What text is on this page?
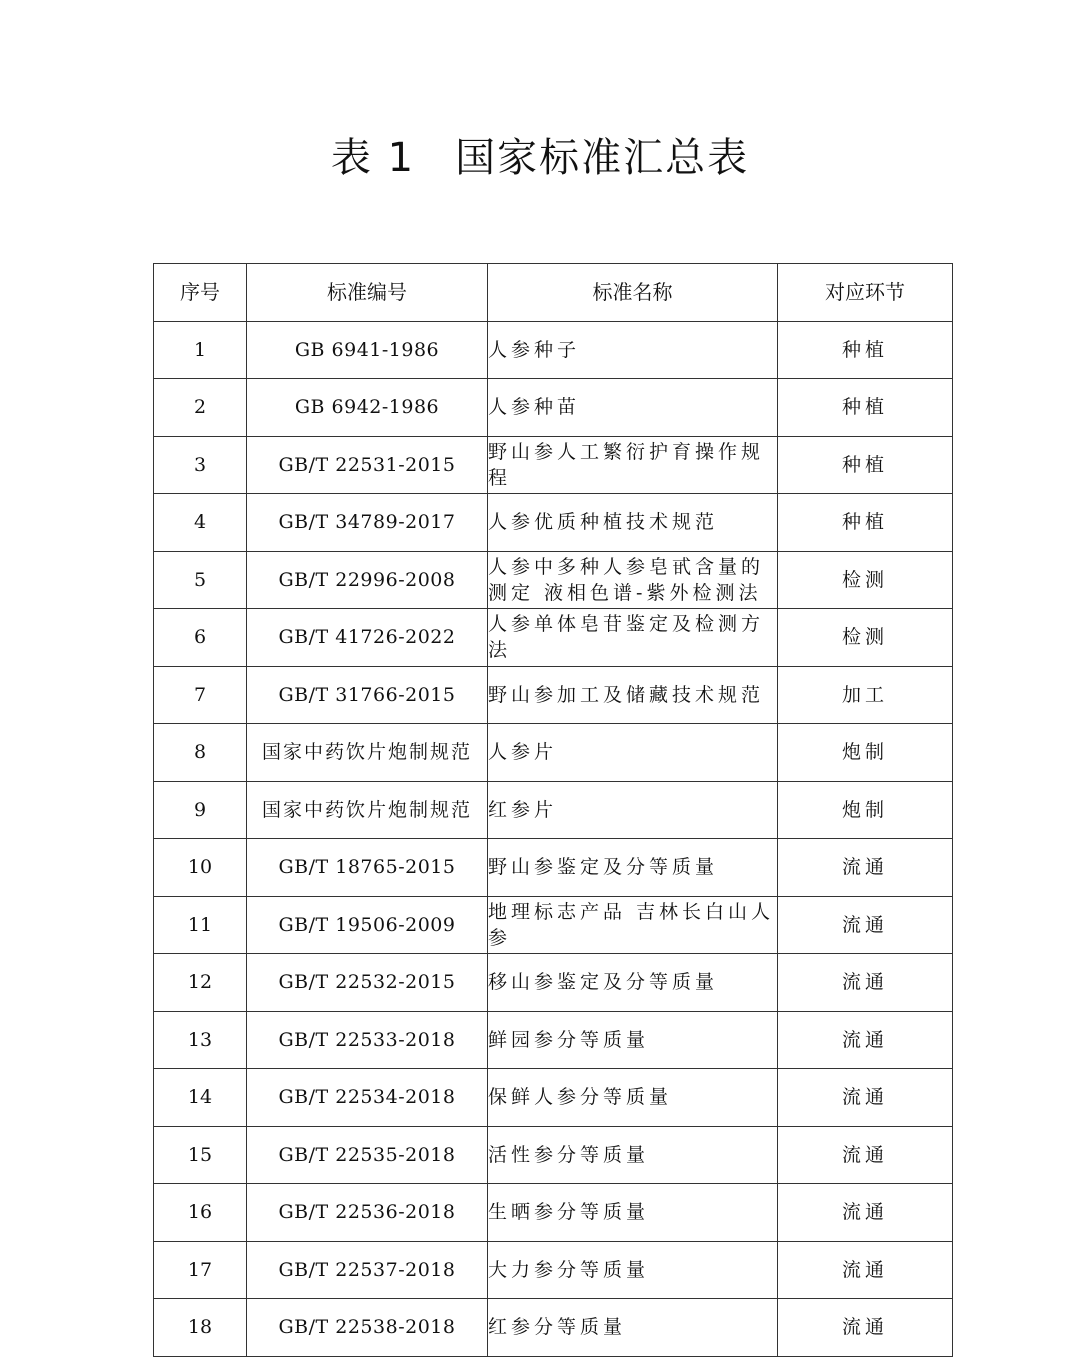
表 1 国家标准汇总表
序号	标准编号	标准名称	对应环节
1	GB 6941-1986	人参种子	种植
2	GB 6942-1986	人参种苗	种植
3	GB/T 22531-2015	野山参人工繁衍护育操作规程	种植
4	GB/T 34789-2017	人参优质种植技术规范	种植
5	GB/T 22996-2008	人参中多种人参皂甙含量的测定 液相色谱-紫外检测法	检测
6	GB/T 41726-2022	人参单体皂苷鉴定及检测方法	检测
7	GB/T 31766-2015	野山参加工及储藏技术规范	加工
8	国家中药饮片炮制规范	人参片	炮制
9	国家中药饮片炮制规范	红参片	炮制
10	GB/T 18765-2015	野山参鉴定及分等质量	流通
11	GB/T 19506-2009	地理标志产品 吉林长白山人参	流通
12	GB/T 22532-2015	移山参鉴定及分等质量	流通
13	GB/T 22533-2018	鲜园参分等质量	流通
14	GB/T 22534-2018	保鲜人参分等质量	流通
15	GB/T 22535-2018	活性参分等质量	流通
16	GB/T 22536-2018	生晒参分等质量	流通
17	GB/T 22537-2018	大力参分等质量	流通
18	GB/T 22538-2018	红参分等质量	流通
